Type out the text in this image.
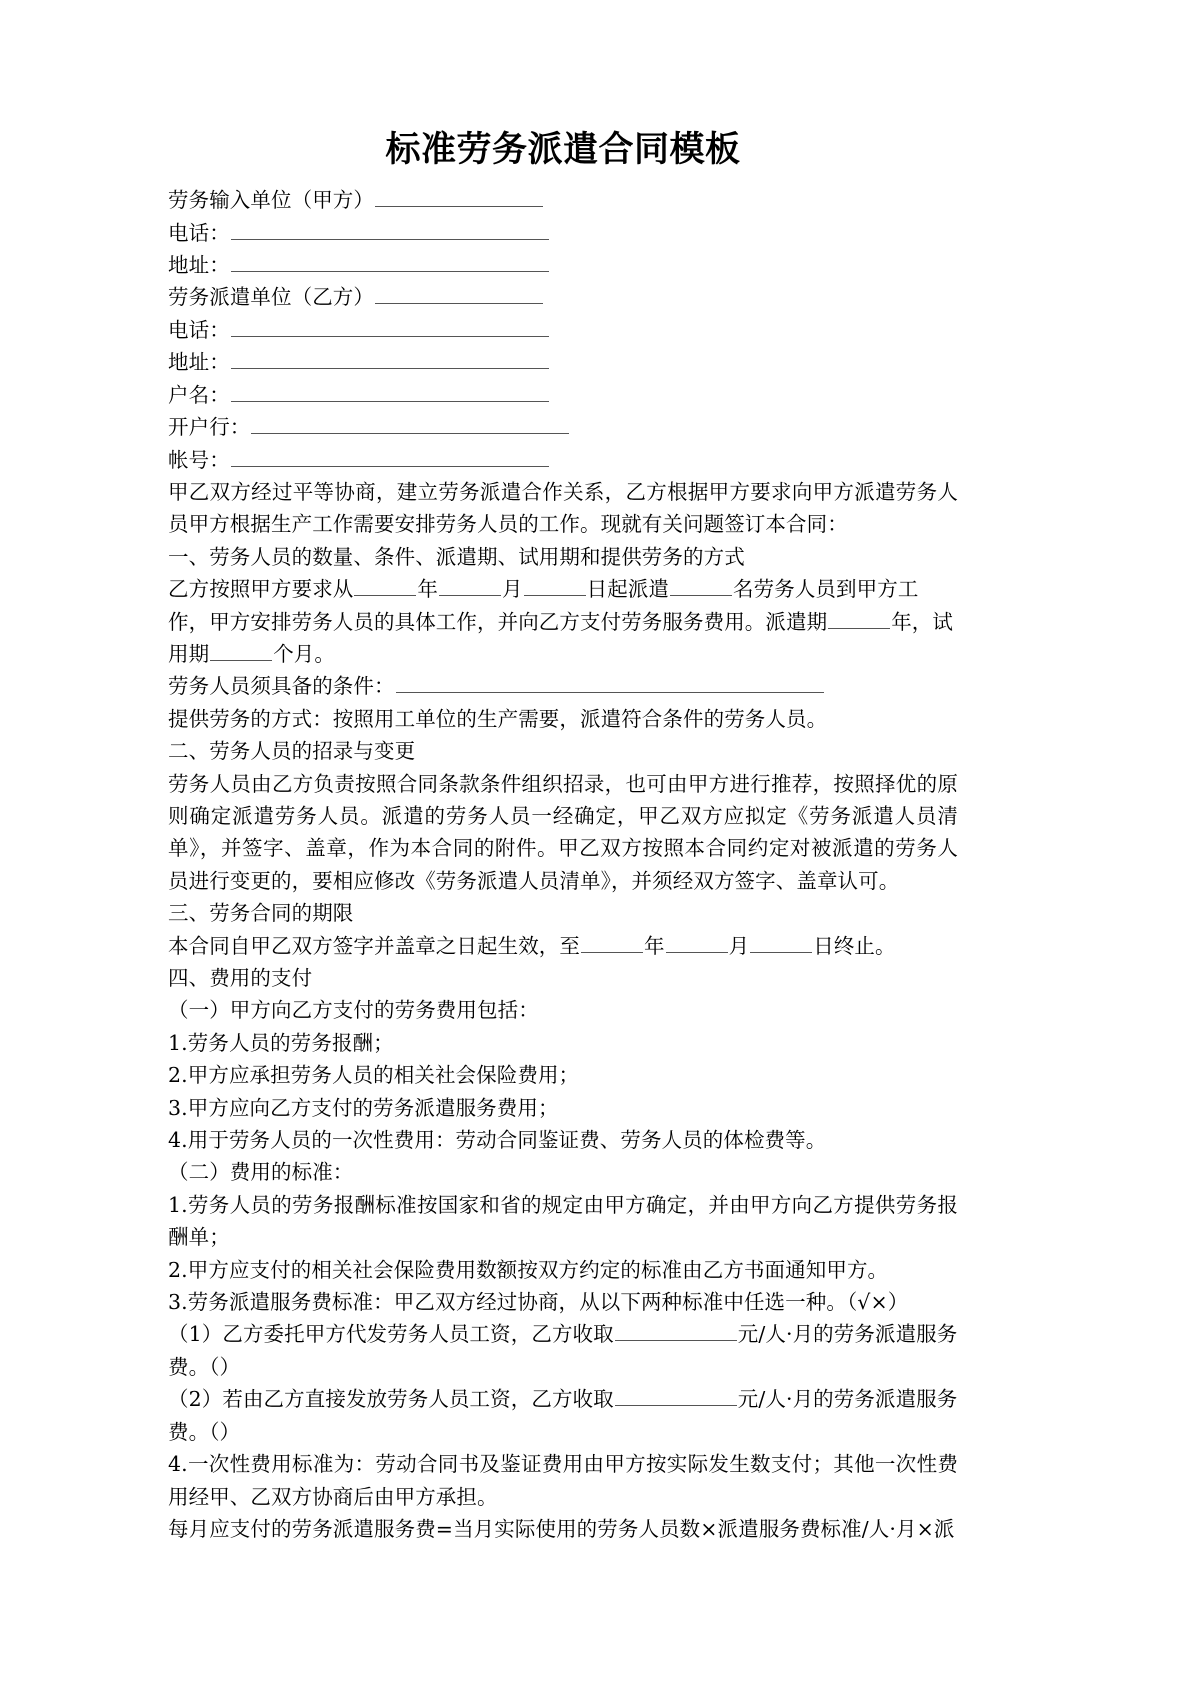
标准劳务派遣合同模板
劳务输入单位（甲方）
电话：
地址：
劳务派遣单位（乙方）
电话：
地址：
户名：
开户行：
帐号：

甲乙双方经过平等协商，建立劳务派遣合作关系，乙方根据甲方要求向甲方派遣劳务人员甲方根据生产工作需要安排劳务人员的工作。现就有关问题签订本合同：

一、劳务人员的数量、条件、派遣期、试用期和提供劳务的方式

乙方按照甲方要求从	年	月	日起派遣	名劳务人员到甲方工作，甲方安排劳务人员的具体工作，并向乙方支付劳务服务费用。派遣期	年，试用期	个月。

劳务人员须具备的条件：

提供劳务的方式：按照用工单位的生产需要，派遣符合条件的劳务人员。

二、劳务人员的招录与变更

劳务人员由乙方负责按照合同条款条件组织招录，也可由甲方进行推荐，按照择优的原则确定派遣劳务人员。派遣的劳务人员一经确定，甲乙双方应拟定《劳务派遣人员清单》，并签字、盖章，作为本合同的附件。甲乙双方按照本合同约定对被派遣的劳务人员进行变更的，要相应修改《劳务派遣人员清单》，并须经双方签字、盖章认可。

三、劳务合同的期限

本合同自甲乙双方签字并盖章之日起生效，至	年	月	日终止。

四、费用的支付

（一）甲方向乙方支付的劳务费用包括：

1.劳务人员的劳务报酬；

2.甲方应承担劳务人员的相关社会保险费用；

3.甲方应向乙方支付的劳务派遣服务费用；

4.用于劳务人员的一次性费用：劳动合同鉴证费、劳务人员的体检费等。

（二）费用的标准：

1.劳务人员的劳务报酬标准按国家和省的规定由甲方确定，并由甲方向乙方提供劳务报酬单；

2.甲方应支付的相关社会保险费用数额按双方约定的标准由乙方书面通知甲方。

3.劳务派遣服务费标准：甲乙双方经过协商，从以下两种标准中任选一种。（√×）

（1）乙方委托甲方代发劳务人员工资，乙方收取	元/人·月的劳务派遣服务费。（）

（2）若由乙方直接发放劳务人员工资，乙方收取	元/人·月的劳务派遣服务费。（）

4.一次性费用标准为：劳动合同书及鉴证费用由甲方按实际发生数支付；其他一次性费用经甲、乙双方协商后由甲方承担。

每月应支付的劳务派遣服务费=当月实际使用的劳务人员数×派遣服务费标准/人·月×派
